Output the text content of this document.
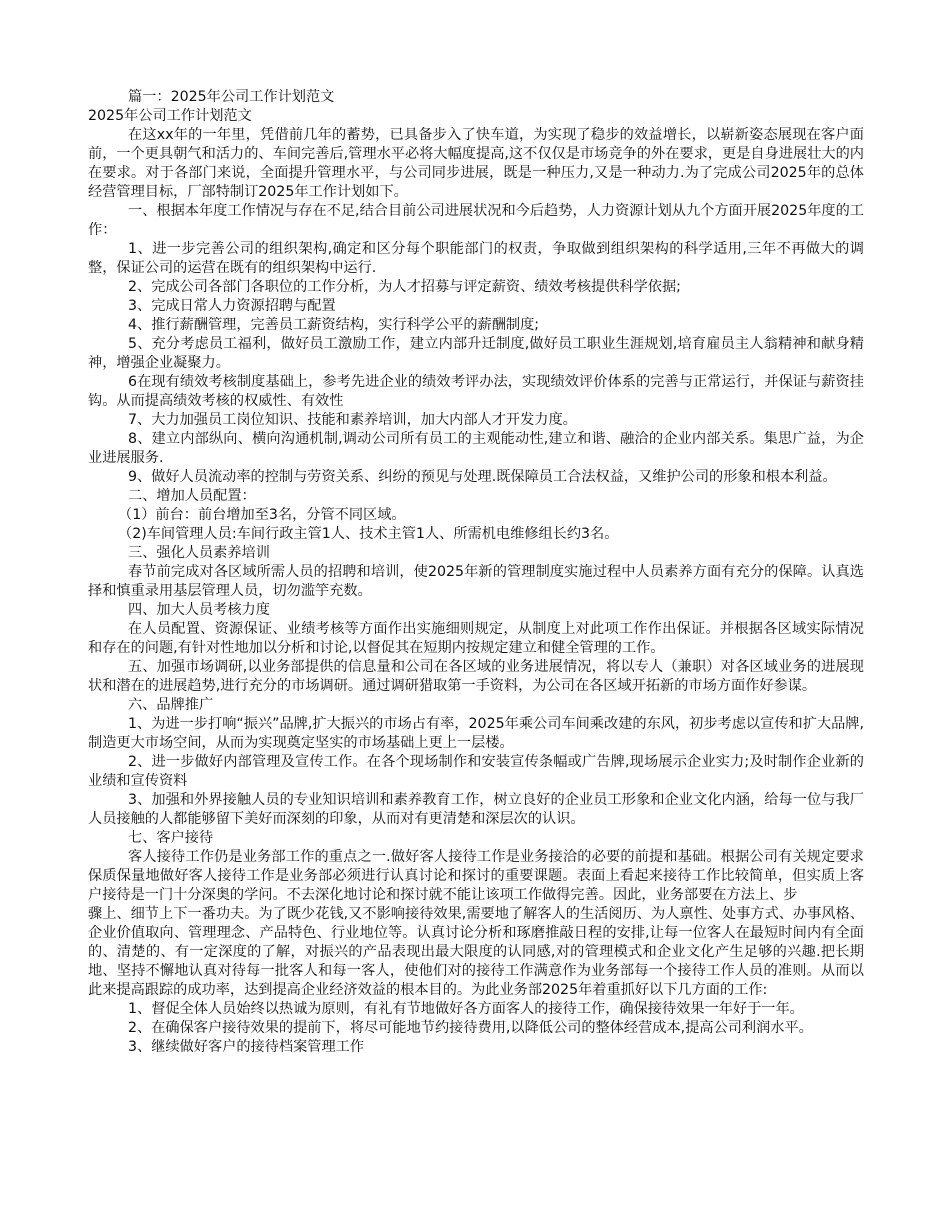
篇一：2025年公司工作计划范文

2025年公司工作计划范文

在这xx年的一年里，凭借前几年的蓄势，已具备步入了快车道，为实现了稳步的效益增长，以崭新姿态展现在客户面前，一个更具朝气和活力的、车间完善后,管理水平必将大幅度提高,这不仅仅是市场竞争的外在要求，更是自身进展壮大的内在要求。对于各部门来说，全面提升管理水平，与公司同步进展，既是一种压力,又是一种动力.为了完成公司2025年的总体经营管理目标，厂部特制订2025年工作计划如下。

一、根据本年度工作情况与存在不足,结合目前公司进展状况和今后趋势，人力资源计划从九个方面开展2025年度的工作：

1、进一步完善公司的组织架构,确定和区分每个职能部门的权责，争取做到组织架构的科学适用,三年不再做大的调整，保证公司的运营在既有的组织架构中运行.

2、完成公司各部门各职位的工作分析，为人才招募与评定薪资、绩效考核提供科学依据;

3、完成日常人力资源招聘与配置

4、推行薪酬管理，完善员工薪资结构，实行科学公平的薪酬制度;

5、充分考虑员工福利，做好员工激励工作，建立内部升迁制度,做好员工职业生涯规划,培育雇员主人翁精神和献身精神，增强企业凝聚力。

6在现有绩效考核制度基础上，参考先进企业的绩效考评办法，实现绩效评价体系的完善与正常运行，并保证与薪资挂钩。从而提高绩效考核的权威性、有效性

7、大力加强员工岗位知识、技能和素养培训，加大内部人才开发力度。

8、建立内部纵向、横向沟通机制,调动公司所有员工的主观能动性,建立和谐、融洽的企业内部关系。集思广益，为企业进展服务.

9、做好人员流动率的控制与劳资关系、纠纷的预见与处理.既保障员工合法权益，又维护公司的形象和根本利益。

二、增加人员配置：

（1）前台：前台增加至3名，分管不同区域。

（2)车间管理人员:车间行政主管1人、技术主管1人、所需机电维修组长约3名。

三、强化人员素养培训

春节前完成对各区域所需人员的招聘和培训，使2025年新的管理制度实施过程中人员素养方面有充分的保障。认真选择和慎重录用基层管理人员，切勿滥竽充数。

四、加大人员考核力度

在人员配置、资源保证、业绩考核等方面作出实施细则规定，从制度上对此项工作作出保证。并根据各区域实际情况和存在的问题,有针对性地加以分析和讨论,以督促其在短期内按规定建立和健全管理的工作。

五、加强市场调研,以业务部提供的信息量和公司在各区域的业务进展情况，将以专人（兼职）对各区域业务的进展现状和潜在的进展趋势,进行充分的市场调研。通过调研猎取第一手资料，为公司在各区域开拓新的市场方面作好参谋。

六、品牌推广

1、为进一步打响“振兴”品牌,扩大振兴的市场占有率，2025年乘公司车间乘改建的东风，初步考虑以宣传和扩大品牌,制造更大市场空间，从而为实现奠定坚实的市场基础上更上一层楼。

2、进一步做好内部管理及宣传工作。在各个现场制作和安装宣传条幅或广告牌,现场展示企业实力;及时制作企业新的业绩和宣传资料

3、加强和外界接触人员的专业知识培训和素养教育工作，树立良好的企业员工形象和企业文化内涵，给每一位与我厂人员接触的人都能够留下美好而深刻的印象，从而对有更清楚和深层次的认识。

七、客户接待

客人接待工作仍是业务部工作的重点之一.做好客人接待工作是业务接洽的必要的前提和基础。根据公司有关规定要求保质保量地做好客人接待工作是业务部必须进行认真讨论和探讨的重要课题。表面上看起来接待工作比较简单，但实质上客户接待是一门十分深奥的学问。不去深化地讨论和探讨就不能让该项工作做得完善。因此，业务部要在方法上、步

骤上、细节上下一番功夫。为了既少花钱,又不影响接待效果,需要地了解客人的生活阅历、为人禀性、处事方式、办事风格、企业价值取向、管理理念、产品特色、行业地位等。认真讨论分析和琢磨推敲日程的安排,让每一位客人在最短时间内有全面的、清楚的、有一定深度的了解，对振兴的产品表现出最大限度的认同感,对的管理模式和企业文化产生足够的兴趣.把长期地、坚持不懈地认真对待每一批客人和每一客人，使他们对的接待工作满意作为业务部每一个接待工作人员的准则。从而以此来提高跟踪的成功率，达到提高企业经济效益的根本目的。为此业务部2025年着重抓好以下几方面的工作:

1、督促全体人员始终以热诚为原则，有礼有节地做好各方面客人的接待工作，确保接待效果一年好于一年。

2、在确保客户接待效果的提前下，将尽可能地节约接待费用,以降低公司的整体经营成本,提高公司利润水平。

3、继续做好客户的接待档案管理工作
